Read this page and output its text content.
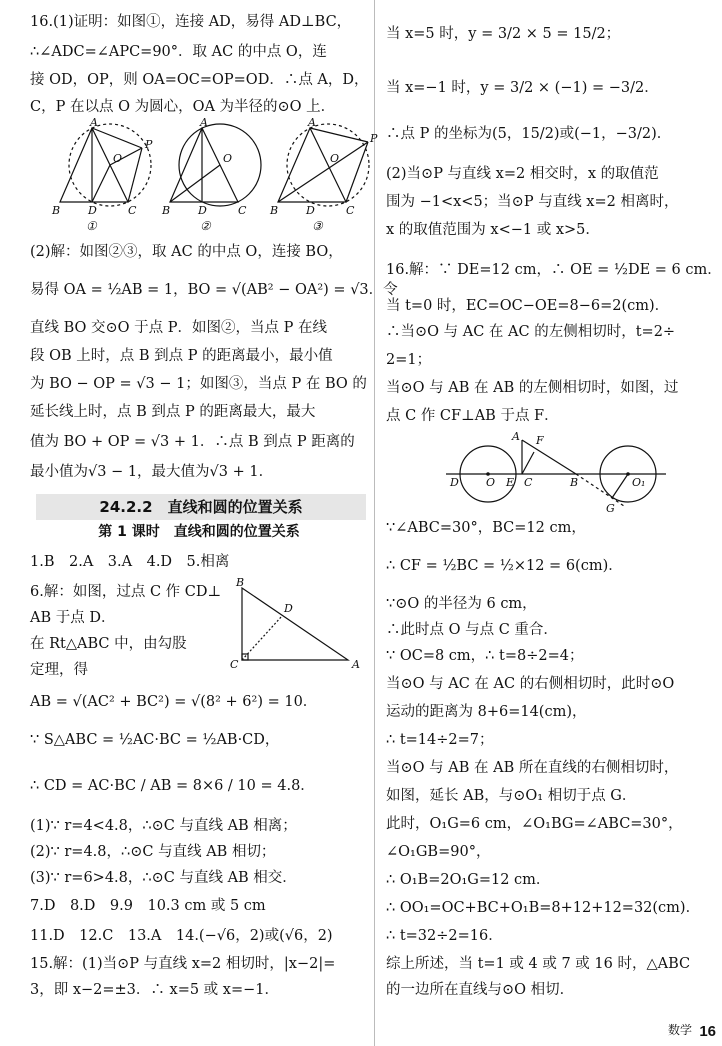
16.(1)证明：如图①，连接 AD，易得 AD⊥BC，
∴∠ADC=∠APC=90°．取 AC 的中点 O，连
接 OD，OP，则 OA=OC=OP=OD．∴点 A，D，
C，P 在以点 O 为圆心，OA 为半径的⊙O 上．
A
O
P
B	D	C
A
O
B	D	C
A
O
P
B	D	C
①	②	③
(2)解：如图②③，取 AC 的中点 O，连接 BO，
易得 OA = ½AB = 1，BO = √(AB² − OA²) = √3．令
直线 BO 交⊙O 于点 P．如图②，当点 P 在线
段 OB 上时，点 B 到点 P 的距离最小，最小值
为 BO − OP = √3 − 1；如图③，当点 P 在 BO 的
延长线上时，点 B 到点 P 的距离最大，最大
值为 BO + OP = √3 + 1．∴点 B 到点 P 距离的
最小值为√3 − 1，最大值为√3 + 1．
24.2.2　直线和圆的位置关系
第 1 课时　直线和圆的位置关系
1.B　2.A　3.A　4.D　5.相离
6.解：如图，过点 C 作 CD⊥
AB 于点 D．
在 Rt△ABC 中，由勾股
定理，得
B
D
C	A
AB = √(AC² + BC²) = √(8² + 6²) = 10．
∵ S△ABC = ½AC·BC = ½AB·CD，
∴ CD = AC·BC / AB = 8×6 / 10 = 4.8．
(1)∵ r=4<4.8，∴⊙C 与直线 AB 相离；
(2)∵ r=4.8，∴⊙C 与直线 AB 相切；
(3)∵ r=6>4.8，∴⊙C 与直线 AB 相交．
7.D　8.D　9.9　10.3 cm 或 5 cm
11.D　12.C　13.A　14.(−√6，2)或(√6，2)
15.解：(1)当⊙P 与直线 x=2 相切时，|x−2|=
3，即 x−2=±3．∴ x=5 或 x=−1．
当 x=5 时，y = 3/2 × 5 = 15/2；
当 x=−1 时，y = 3/2 × (−1) = −3/2．
∴点 P 的坐标为(5，15/2)或(−1，−3/2)．
(2)当⊙P 与直线 x=2 相交时，x 的取值范
围为 −1<x<5；当⊙P 与直线 x=2 相离时，
x 的取值范围为 x<−1 或 x>5．
16.解：∵ DE=12 cm，∴ OE = ½DE = 6 cm．
当 t=0 时，EC=OC−OE=8−6=2(cm)．
∴当⊙O 与 AC 在 AC 的左侧相切时，t=2÷
2=1；
当⊙O 与 AB 在 AB 的左侧相切时，如图，过
点 C 作 CF⊥AB 于点 F．
A F
D O E C	B	O₁
G
∵∠ABC=30°，BC=12 cm，
∴ CF = ½BC = ½×12 = 6(cm)．
∵⊙O 的半径为 6 cm，
∴此时点 O 与点 C 重合．
∵ OC=8 cm，∴ t=8÷2=4；
当⊙O 与 AC 在 AC 的右侧相切时，此时⊙O
运动的距离为 8+6=14(cm)，
∴ t=14÷2=7；
当⊙O 与 AB 在 AB 所在直线的右侧相切时，
如图，延长 AB，与⊙O₁ 相切于点 G．
此时，O₁G=6 cm，∠O₁BG=∠ABC=30°，
∠O₁GB=90°，
∴ O₁B=2O₁G=12 cm．
∴ OO₁=OC+BC+O₁B=8+12+12=32(cm)．
∴ t=32÷2=16．
综上所述，当 t=1 或 4 或 7 或 16 时，△ABC
的一边所在直线与⊙O 相切．
数学 16
